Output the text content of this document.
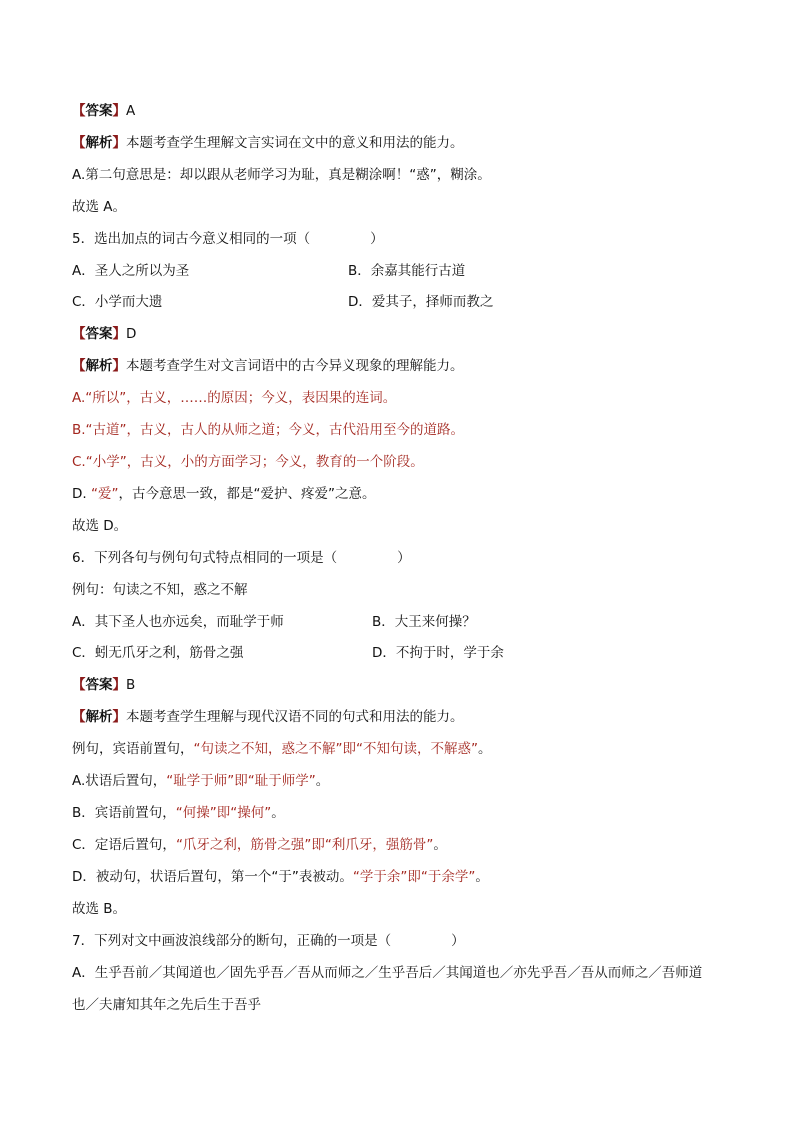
【答案】A
【解析】本题考查学生理解文言实词在文中的意义和用法的能力。
A.第二句意思是：却以跟从老师学习为耻，真是糊涂啊！“惑”，糊涂。
故选 A。
5．选出加点的词古今意义相同的一项（	）
A．圣人之所以为圣	B．余嘉其能行古道
C．小学而大遗	D．爱其子，择师而教之
【答案】D
【解析】本题考查学生对文言词语中的古今异义现象的理解能力。
A.“所以”，古义，……的原因；今义，表因果的连词。
B.“古道”，古义，古人的从师之道；今义，古代沿用至今的道路。
C.“小学”，古义，小的方面学习；今义，教育的一个阶段。
D. “爱”，古今意思一致，都是“爱护、疼爱”之意。
故选 D。
6．下列各句与例句句式特点相同的一项是（	）
例句：句读之不知，惑之不解
A．其下圣人也亦远矣，而耻学于师	B．大王来何操？
C．蚓无爪牙之利，筋骨之强	D．不拘于时，学于余
【答案】B
【解析】本题考查学生理解与现代汉语不同的句式和用法的能力。
例句，宾语前置句，“句读之不知，惑之不解”即“不知句读，不解惑”。
A.状语后置句，“耻学于师”即“耻于师学”。
B．宾语前置句，“何操”即“操何”。
C．定语后置句，“爪牙之利，筋骨之强”即“利爪牙，强筋骨”。
D．被动句，状语后置句，第一个“于”表被动。“学于余”即“于余学”。
故选 B。
7．下列对文中画波浪线部分的断句，正确的一项是（	）
A．生乎吾前／其闻道也／固先乎吾／吾从而师之／生乎吾后／其闻道也／亦先乎吾／吾从而师之／吾师道
也／夫庸知其年之先后生于吾乎
